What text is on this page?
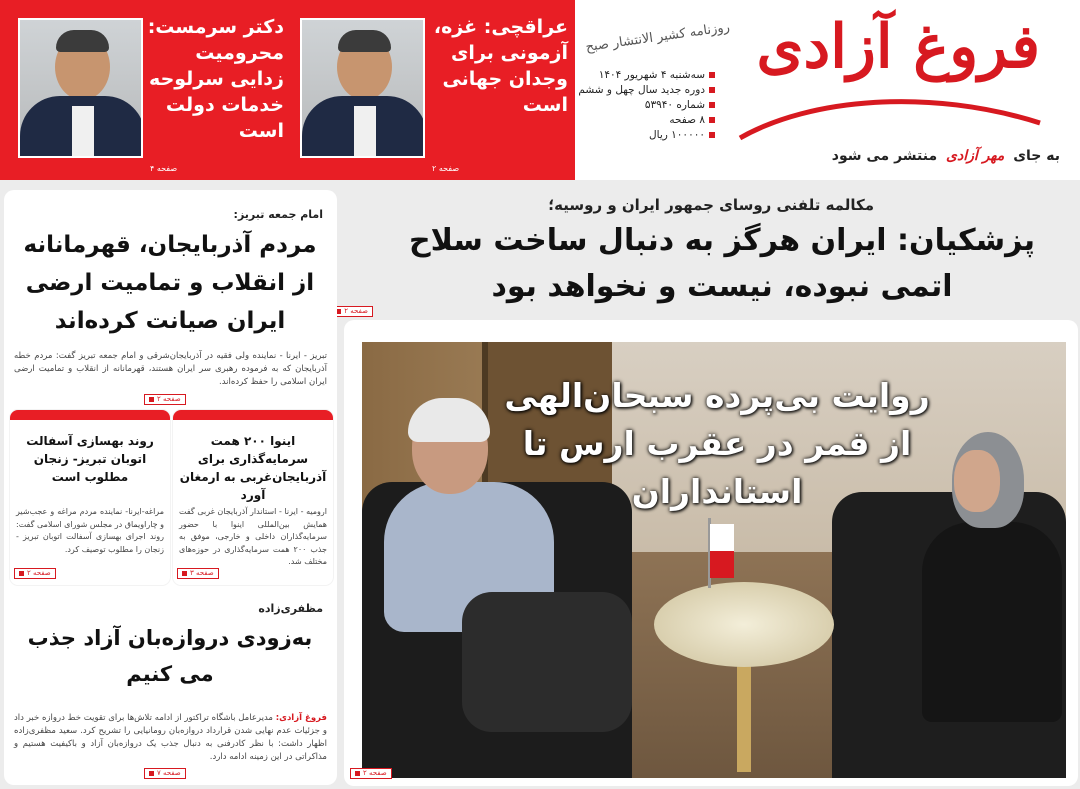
فروغ آزادی
به جای مهر آزادی منتشر می شود
روزنامه کشیر الانتشار صبح
سه‌شنبه ۴ شهریور ۱۴۰۴
دوره جدید سال چهل و ششم
شماره ۵۳۹۴۰
۸ صفحه
۱۰۰۰۰۰ ریال
عراقچی: غزه، آزمونی برای وجدان جهانی است
صفحه ۲
دکتر سرمست: محرومیت زدایی سرلوحه خدمات دولت است
صفحه ۴
مکالمه تلفنی روسای جمهور ایران و روسیه؛
پزشکیان: ایران هرگز به دنبال ساخت سلاح اتمی نبوده، نیست و نخواهد بود
صفحه ۲
روایت بی‌پرده سبحان‌الهی از قمر در عقرب ارس تا استانداران
صفحه ۲
امام جمعه تبریز:
مردم آذربایجان، قهرمانانه از انقلاب و تمامیت ارضی ایران صیانت کرده‌اند
تبریز - ایرنا - نماینده ولی فقیه در آذربایجان‌شرقی و امام جمعه تبریز گفت: مردم خطه آذربایجان که به فرموده رهبری سر ایران هستند، قهرمانانه از انقلاب و تمامیت ارضی ایران اسلامی را حفظ کرده‌اند.
صفحه ۲
اینوا ۲۰۰ همت سرمایه‌گذاری برای آذربایجان‌غربی به ارمغان آورد
ارومیه - ایرنا - استاندار آذربایجان غربی گفت همایش بین‌المللی اینوا با حضور سرمایه‌گذاران داخلی و خارجی، موفق به جذب ۲۰۰ همت سرمایه‌گذاری در حوزه‌های مختلف شد.
صفحه ۳
روند بهسازی آسفالت اتوبان تبریز- زنجان مطلوب است
مراغه-ایرنا- نماینده مردم مراغه و عجب‌شیر و چاراویماق در مجلس شورای اسلامی گفت: روند اجرای بهسازی آسفالت اتوبان تبریز - زنجان را مطلوب توصیف کرد.
صفحه ۲
مظفری‌زاده
به‌زودی دروازه‌بان آزاد جذب می کنیم
فروغ آزادی: مدیرعامل باشگاه تراکتور از ادامه تلاش‌ها برای تقویت خط دروازه خبر داد و جزئیات عدم نهایی شدن قرارداد دروازه‌بان رومانیایی را تشریح کرد. سعید مظفری‌زاده اظهار داشت: با نظر کادرفنی به دنبال جذب یک دروازه‌بان آزاد و باکیفیت هستیم و مذاکراتی در این زمینه ادامه دارد.
صفحه ۷
